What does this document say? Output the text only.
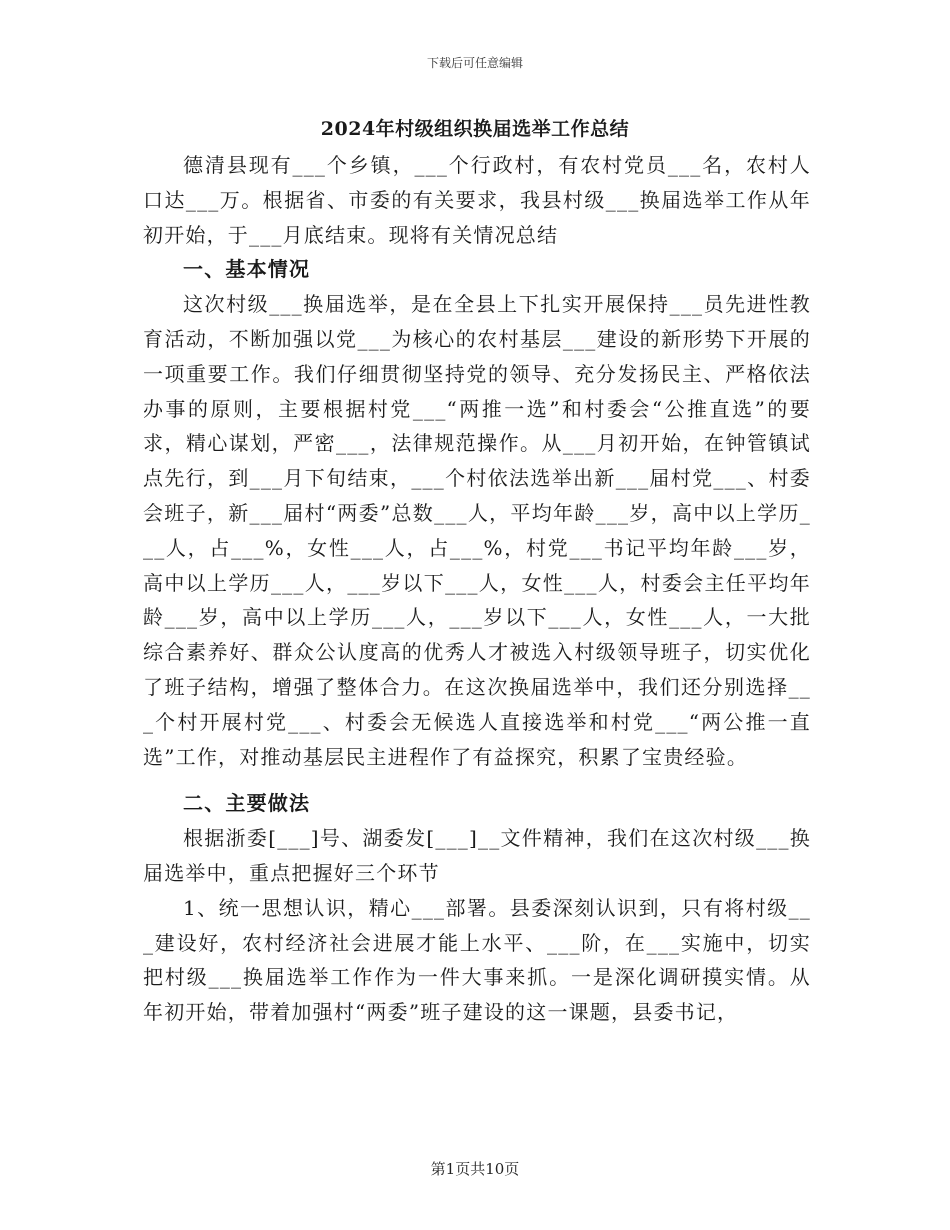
下载后可任意编辑
2024年村级组织换届选举工作总结

德清县现有___个乡镇，___个行政村，有农村党员___名，农村人口达___万。根据省、市委的有关要求，我县村级___换届选举工作从年初开始，于___月底结束。现将有关情况总结

一、基本情况

这次村级___换届选举，是在全县上下扎实开展保持___员先进性教育活动，不断加强以党___为核心的农村基层___建设的新形势下开展的一项重要工作。我们仔细贯彻坚持党的领导、充分发扬民主、严格依法办事的原则，主要根据村党___“两推一选”和村委会“公推直选”的要求，精心谋划，严密___，法律规范操作。从___月初开始，在钟管镇试点先行，到___月下旬结束，___个村依法选举出新___届村党___、村委会班子，新___届村“两委”总数___人，平均年龄___岁，高中以上学历___人，占___%，女性___人，占___%，村党___书记平均年龄___岁，高中以上学历___人，___岁以下___人，女性___人，村委会主任平均年龄___岁，高中以上学历___人，___岁以下___人，女性___人，一大批综合素养好、群众公认度高的优秀人才被选入村级领导班子，切实优化了班子结构，增强了整体合力。在这次换届选举中，我们还分别选择___个村开展村党___、村委会无候选人直接选举和村党___“两公推一直选”工作，对推动基层民主进程作了有益探究，积累了宝贵经验。

二、主要做法

根据浙委[___]号、湖委发[___]__文件精神，我们在这次村级___换届选举中，重点把握好三个环节

1、统一思想认识，精心___部署。县委深刻认识到，只有将村级___建设好，农村经济社会进展才能上水平、___阶，在___实施中，切实把村级___换届选举工作作为一件大事来抓。一是深化调研摸实情。从年初开始，带着加强村“两委”班子建设的这一课题，县委书记，

第1页共10页
